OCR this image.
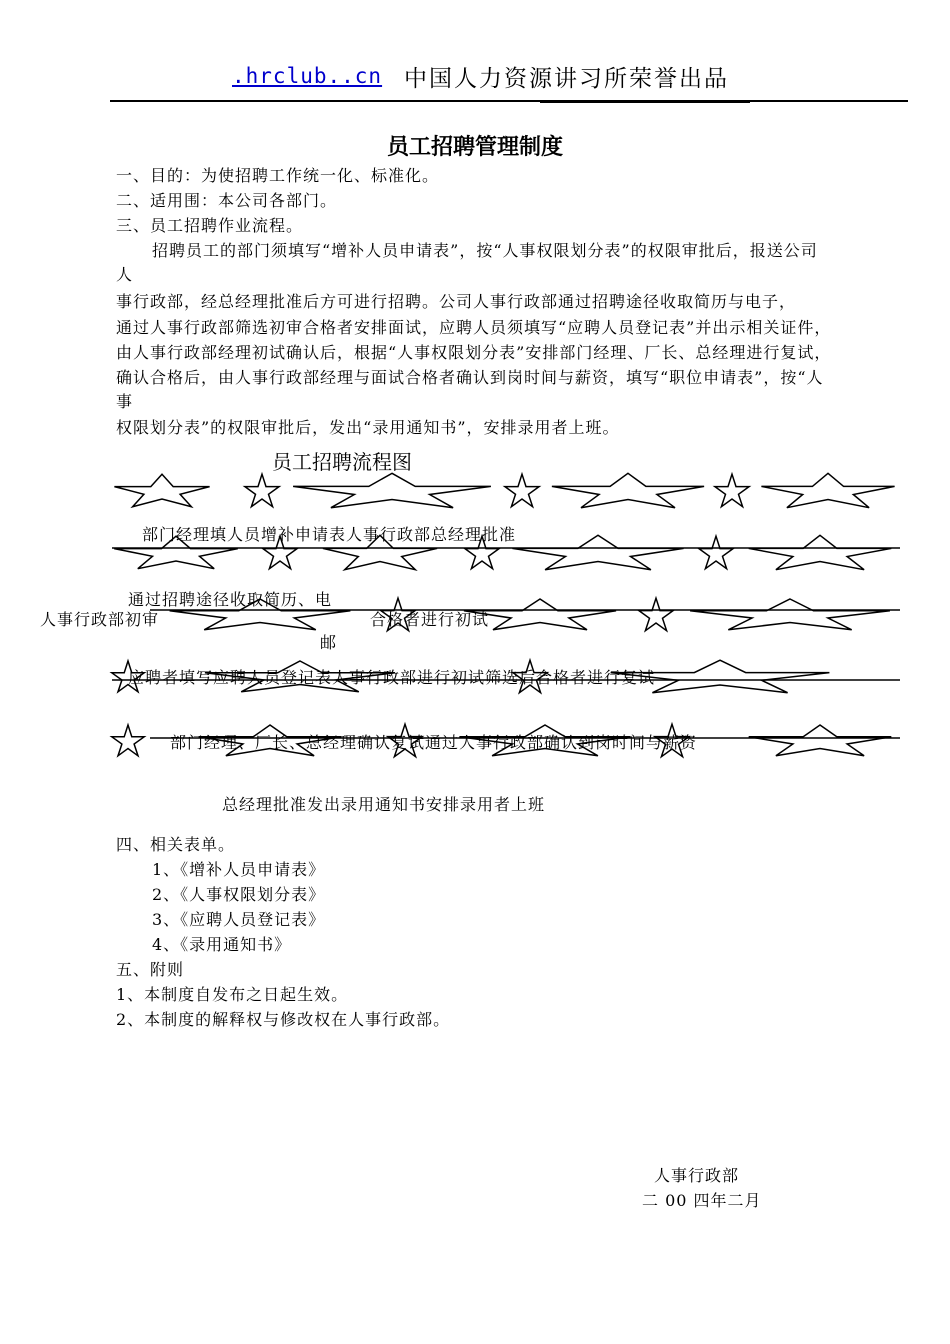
.hrclub..cn 中国人力资源讲习所荣誉出品
员工招聘管理制度
一、目的：为使招聘工作统一化、标准化。
二、适用围：本公司各部门。
三、员工招聘作业流程。
招聘员工的部门须填写“增补人员申请表”，按“人事权限划分表”的权限审批后，报送公司
人
事行政部，经总经理批准后方可进行招聘。公司人事行政部通过招聘途径收取简历与电子，
通过人事行政部筛选初审合格者安排面试，应聘人员须填写“应聘人员登记表”并出示相关证件，
由人事行政部经理初试确认后，根据“人事权限划分表”安排部门经理、厂长、总经理进行复试，
确认合格后，由人事行政部经理与面试合格者确认到岗时间与薪资，填写“职位申请表”，按“人
事
权限划分表”的权限审批后，发出“录用通知书”，安排录用者上班。
员工招聘流程图
部门经理填人员增补申请表人事行政部总经理批准
通过招聘途径收取简历、电
人事行政部初审	合格者进行初试
邮
应聘者填写应聘人员登记表人事行政部进行初试筛选后合格者进行复试
部门经理、厂长、总经理确认复试通过人事行政部确认到岗时间与薪资
总经理批准发出录用通知书安排录用者上班
四、相关表单。
1、《增补人员申请表》
2、《人事权限划分表》
3、《应聘人员登记表》
4、《录用通知书》
五、附则
1、本制度自发布之日起生效。
2、本制度的解释权与修改权在人事行政部。
人事行政部
二 00 四年二月
